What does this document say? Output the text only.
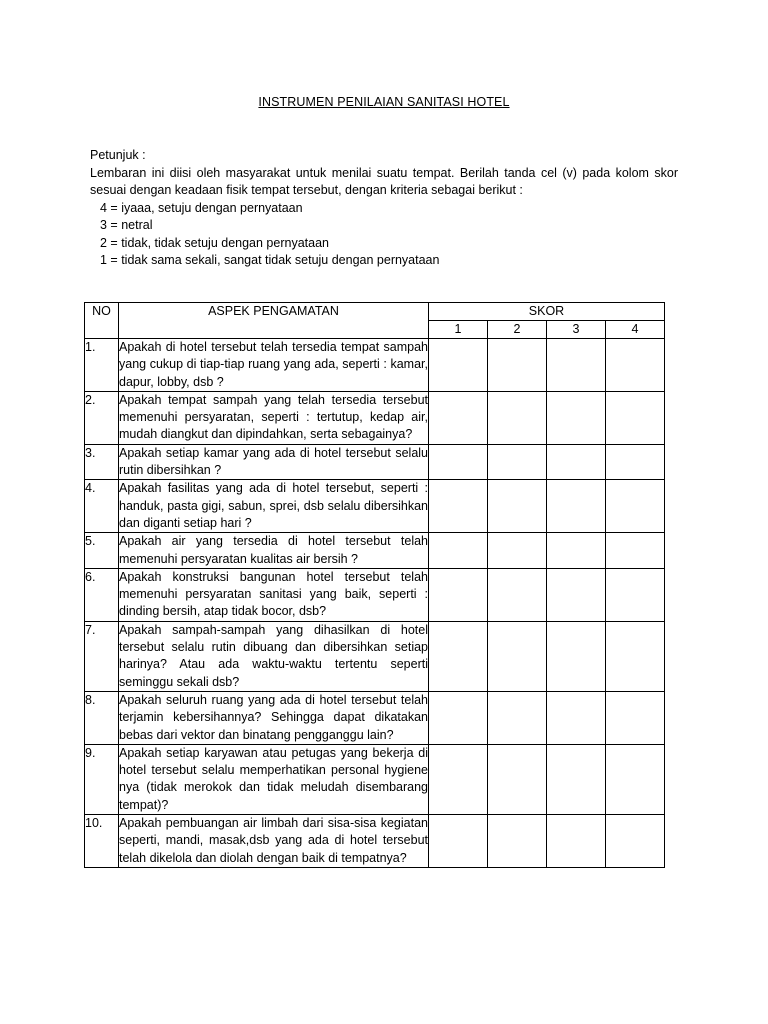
INSTRUMEN PENILAIAN SANITASI HOTEL

Petunjuk :

Lembaran ini diisi oleh masyarakat untuk menilai suatu tempat. Berilah tanda cel (v) pada kolom skor sesuai dengan keadaan fisik tempat tersebut, dengan kriteria sebagai berikut :

4 = iyaaa, setuju dengan pernyataan
3 = netral
2 = tidak, tidak setuju dengan pernyataan
1 = tidak sama sekali, sangat tidak setuju dengan pernyataan
NO	ASPEK PENGAMATAN	SKOR			
		1	2	3	4
1.	Apakah di hotel tersebut telah tersedia tempat sampah yang cukup di tiap-tiap ruang yang ada, seperti : kamar, dapur, lobby, dsb ?				
2.	Apakah tempat sampah yang telah tersedia tersebut memenuhi persyaratan, seperti : tertutup, kedap air, mudah diangkut dan dipindahkan, serta sebagainya?				
3.	Apakah setiap kamar yang ada di hotel tersebut selalu rutin dibersihkan ?				
4.	Apakah fasilitas yang ada di hotel tersebut, seperti : handuk, pasta gigi, sabun, sprei, dsb selalu dibersihkan dan diganti setiap hari ?				
5.	Apakah air yang tersedia di hotel tersebut telah memenuhi persyaratan kualitas air bersih ?				
6.	Apakah konstruksi bangunan hotel tersebut telah memenuhi persyaratan sanitasi yang baik, seperti : dinding bersih, atap tidak bocor, dsb?				
7.	Apakah sampah-sampah yang dihasilkan di hotel tersebut selalu rutin dibuang dan dibersihkan setiap harinya? Atau ada waktu-waktu tertentu seperti seminggu sekali dsb?				
8.	Apakah seluruh ruang yang ada di hotel tersebut telah terjamin kebersihannya? Sehingga dapat dikatakan bebas dari vektor dan binatang pengganggu lain?				
9.	Apakah setiap karyawan atau petugas yang bekerja di hotel tersebut selalu memperhatikan personal hygiene nya (tidak merokok dan tidak meludah disembarang tempat)?				
10.	Apakah pembuangan air limbah dari sisa-sisa kegiatan seperti, mandi, masak,dsb yang ada di hotel tersebut telah dikelola dan diolah dengan baik di tempatnya?				
